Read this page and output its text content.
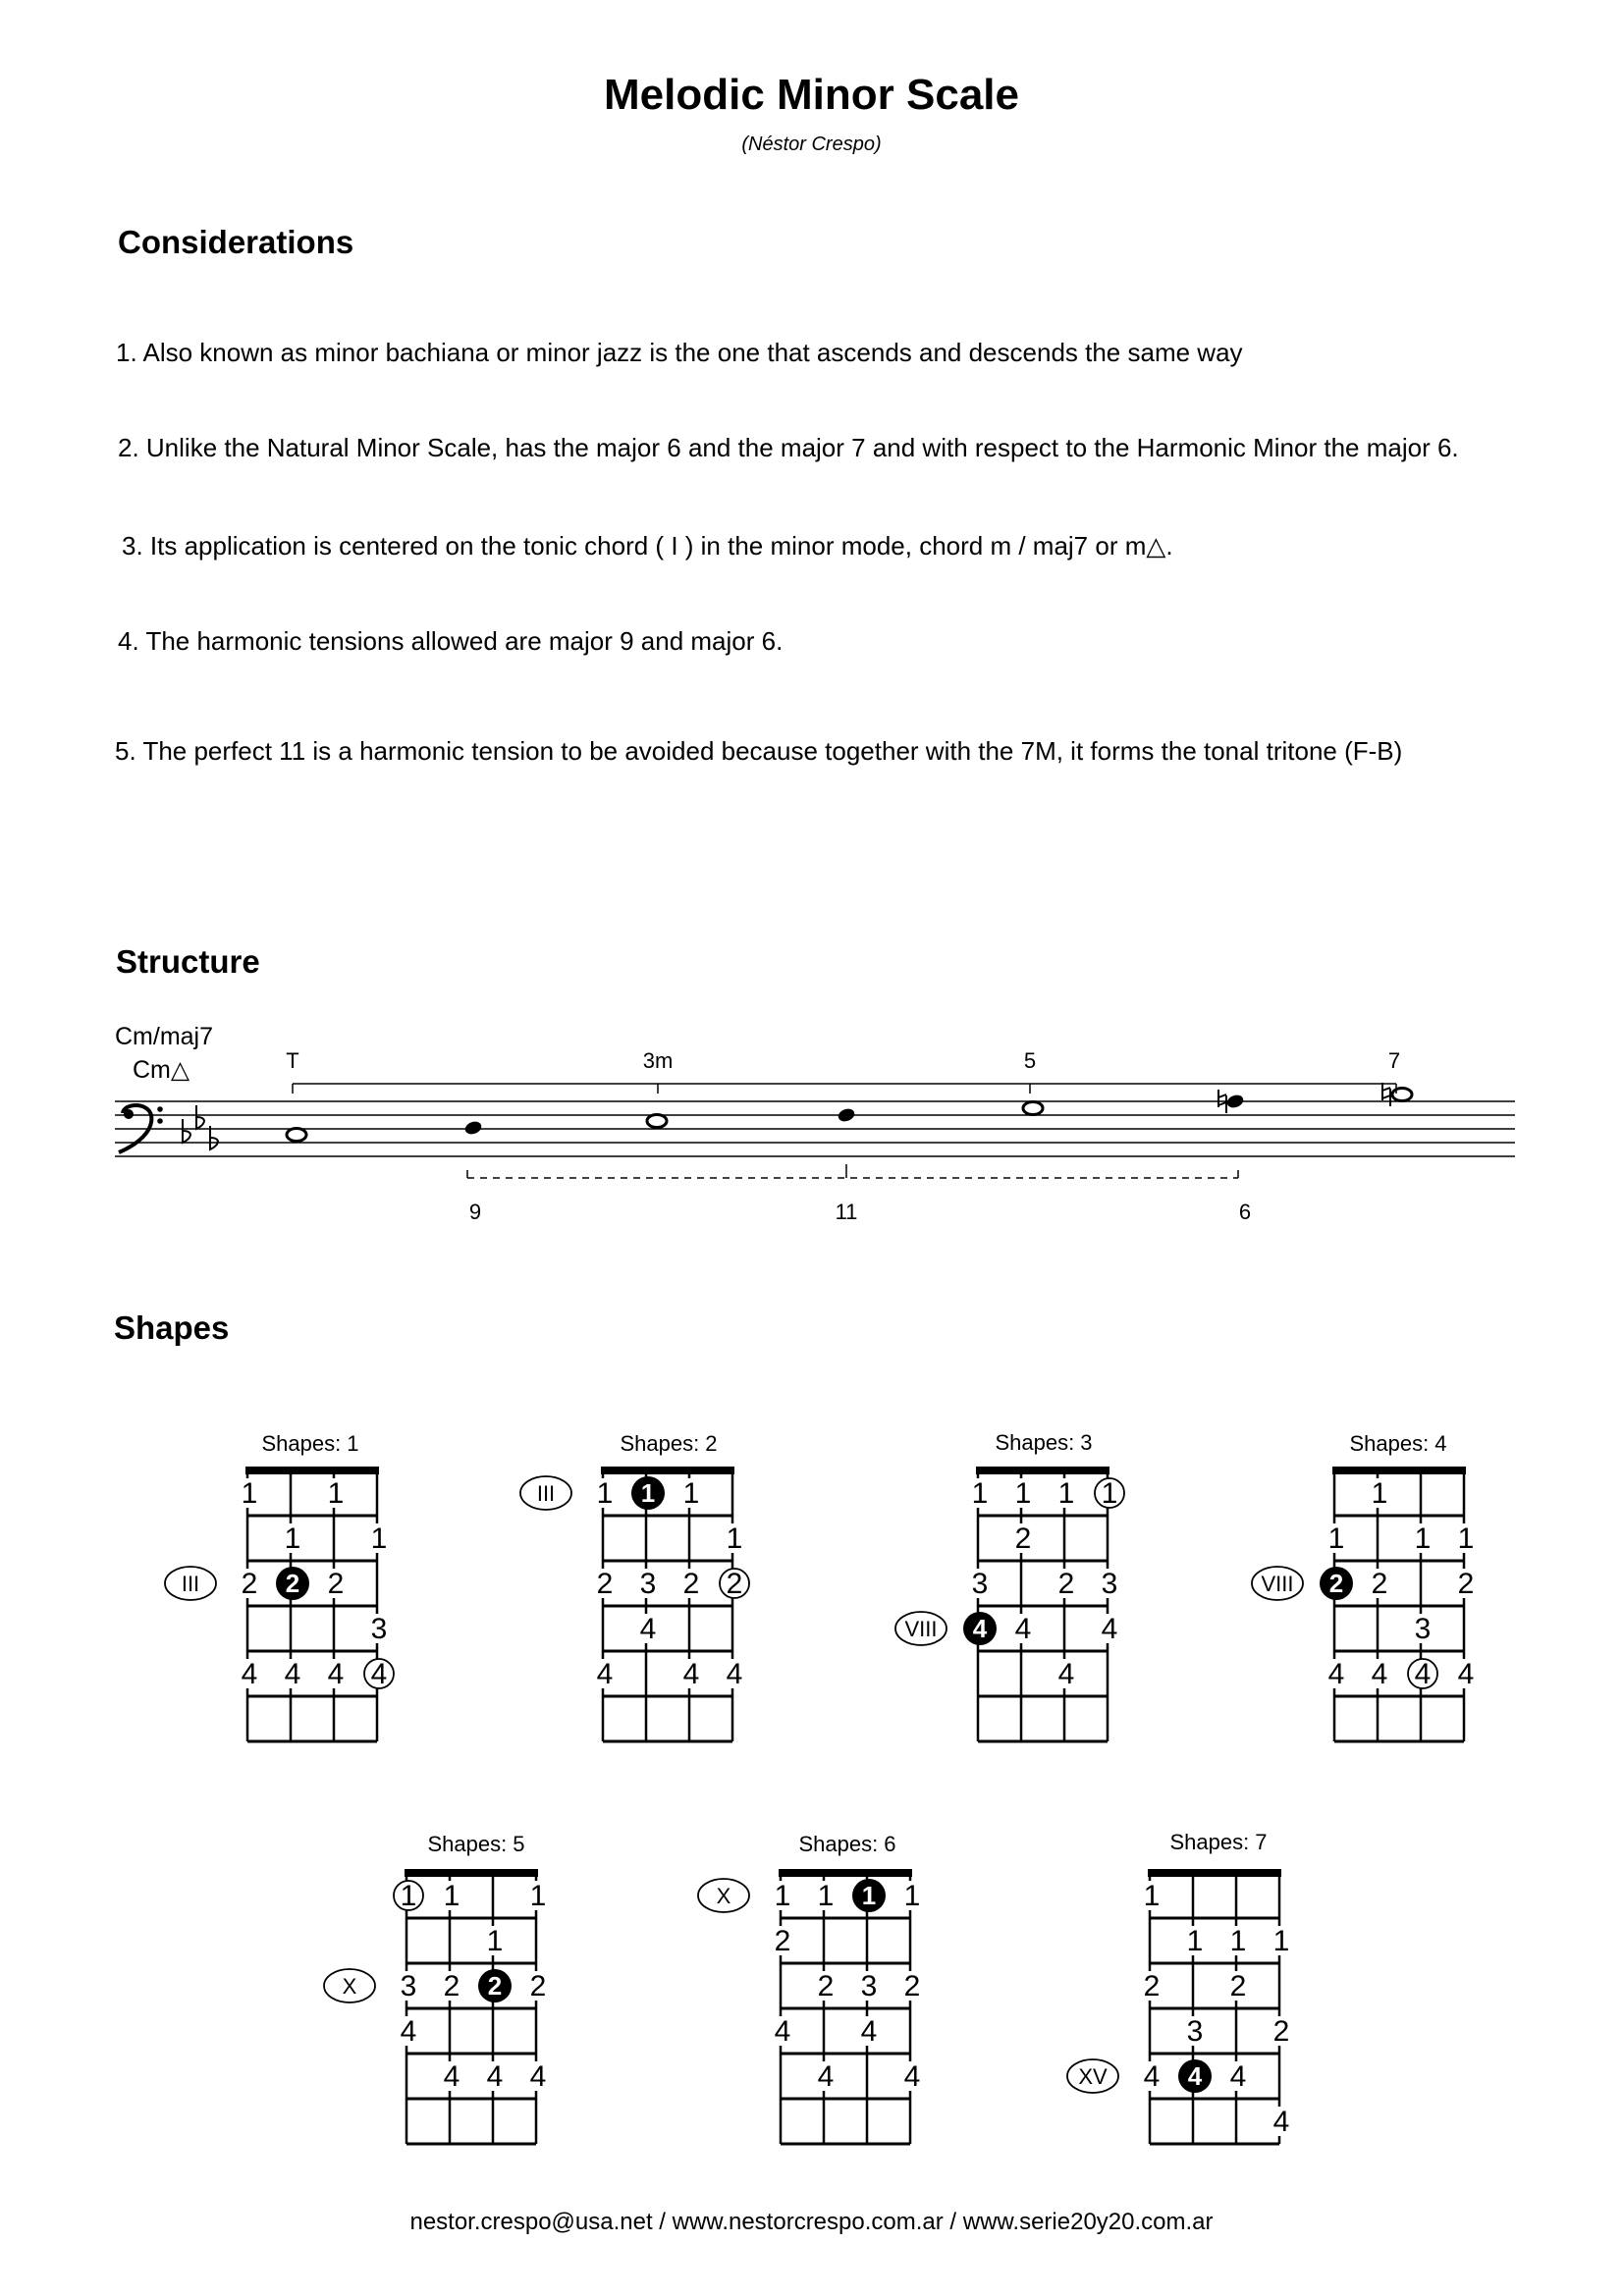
Melodic Minor Scale
(Néstor Crespo)
Considerations
1. Also known as minor bachiana or minor jazz is the one that ascends and descends the same way
2. Unlike the Natural Minor Scale, has the major 6 and the major 7 and with respect to the Harmonic Minor the major 6.
3. Its application is centered on the tonic chord ( I ) in the minor mode, chord m / maj7 or m△.
4. The harmonic tensions allowed are major 9 and major 6.
5. The perfect 11 is a harmonic tension to be avoided because together with the 7M, it forms the tonal tritone (F-B)
Structure
Cm/maj7
Cm△	T	3m	5	7
9	11	6
Shapes
Shapes: 1	Shapes: 2	Shapes: 3	Shapes: 4
Shapes: 5	Shapes: 6	Shapes: 7
III
1 1
1 1
2 2 2
3
4 4 4 4
III 1 1 1
1
2 3 2 2
4
4 4 4
VIII
1 1 1 1
2
3 2 3
4 4 4
4
VIII
1
1 1 1
2 2 2
3
4 4 4 4
X
1 1 1
1
3 2 2 2
4
4 4 4
X 1 1 1 1
2
2 3 2
4 4
4 4	XV
1
1 1 1
2 2
3 2
4 4 4
4
nestor.crespo@usa.net / www.nestorcrespo.com.ar / www.serie20y20.com.ar
